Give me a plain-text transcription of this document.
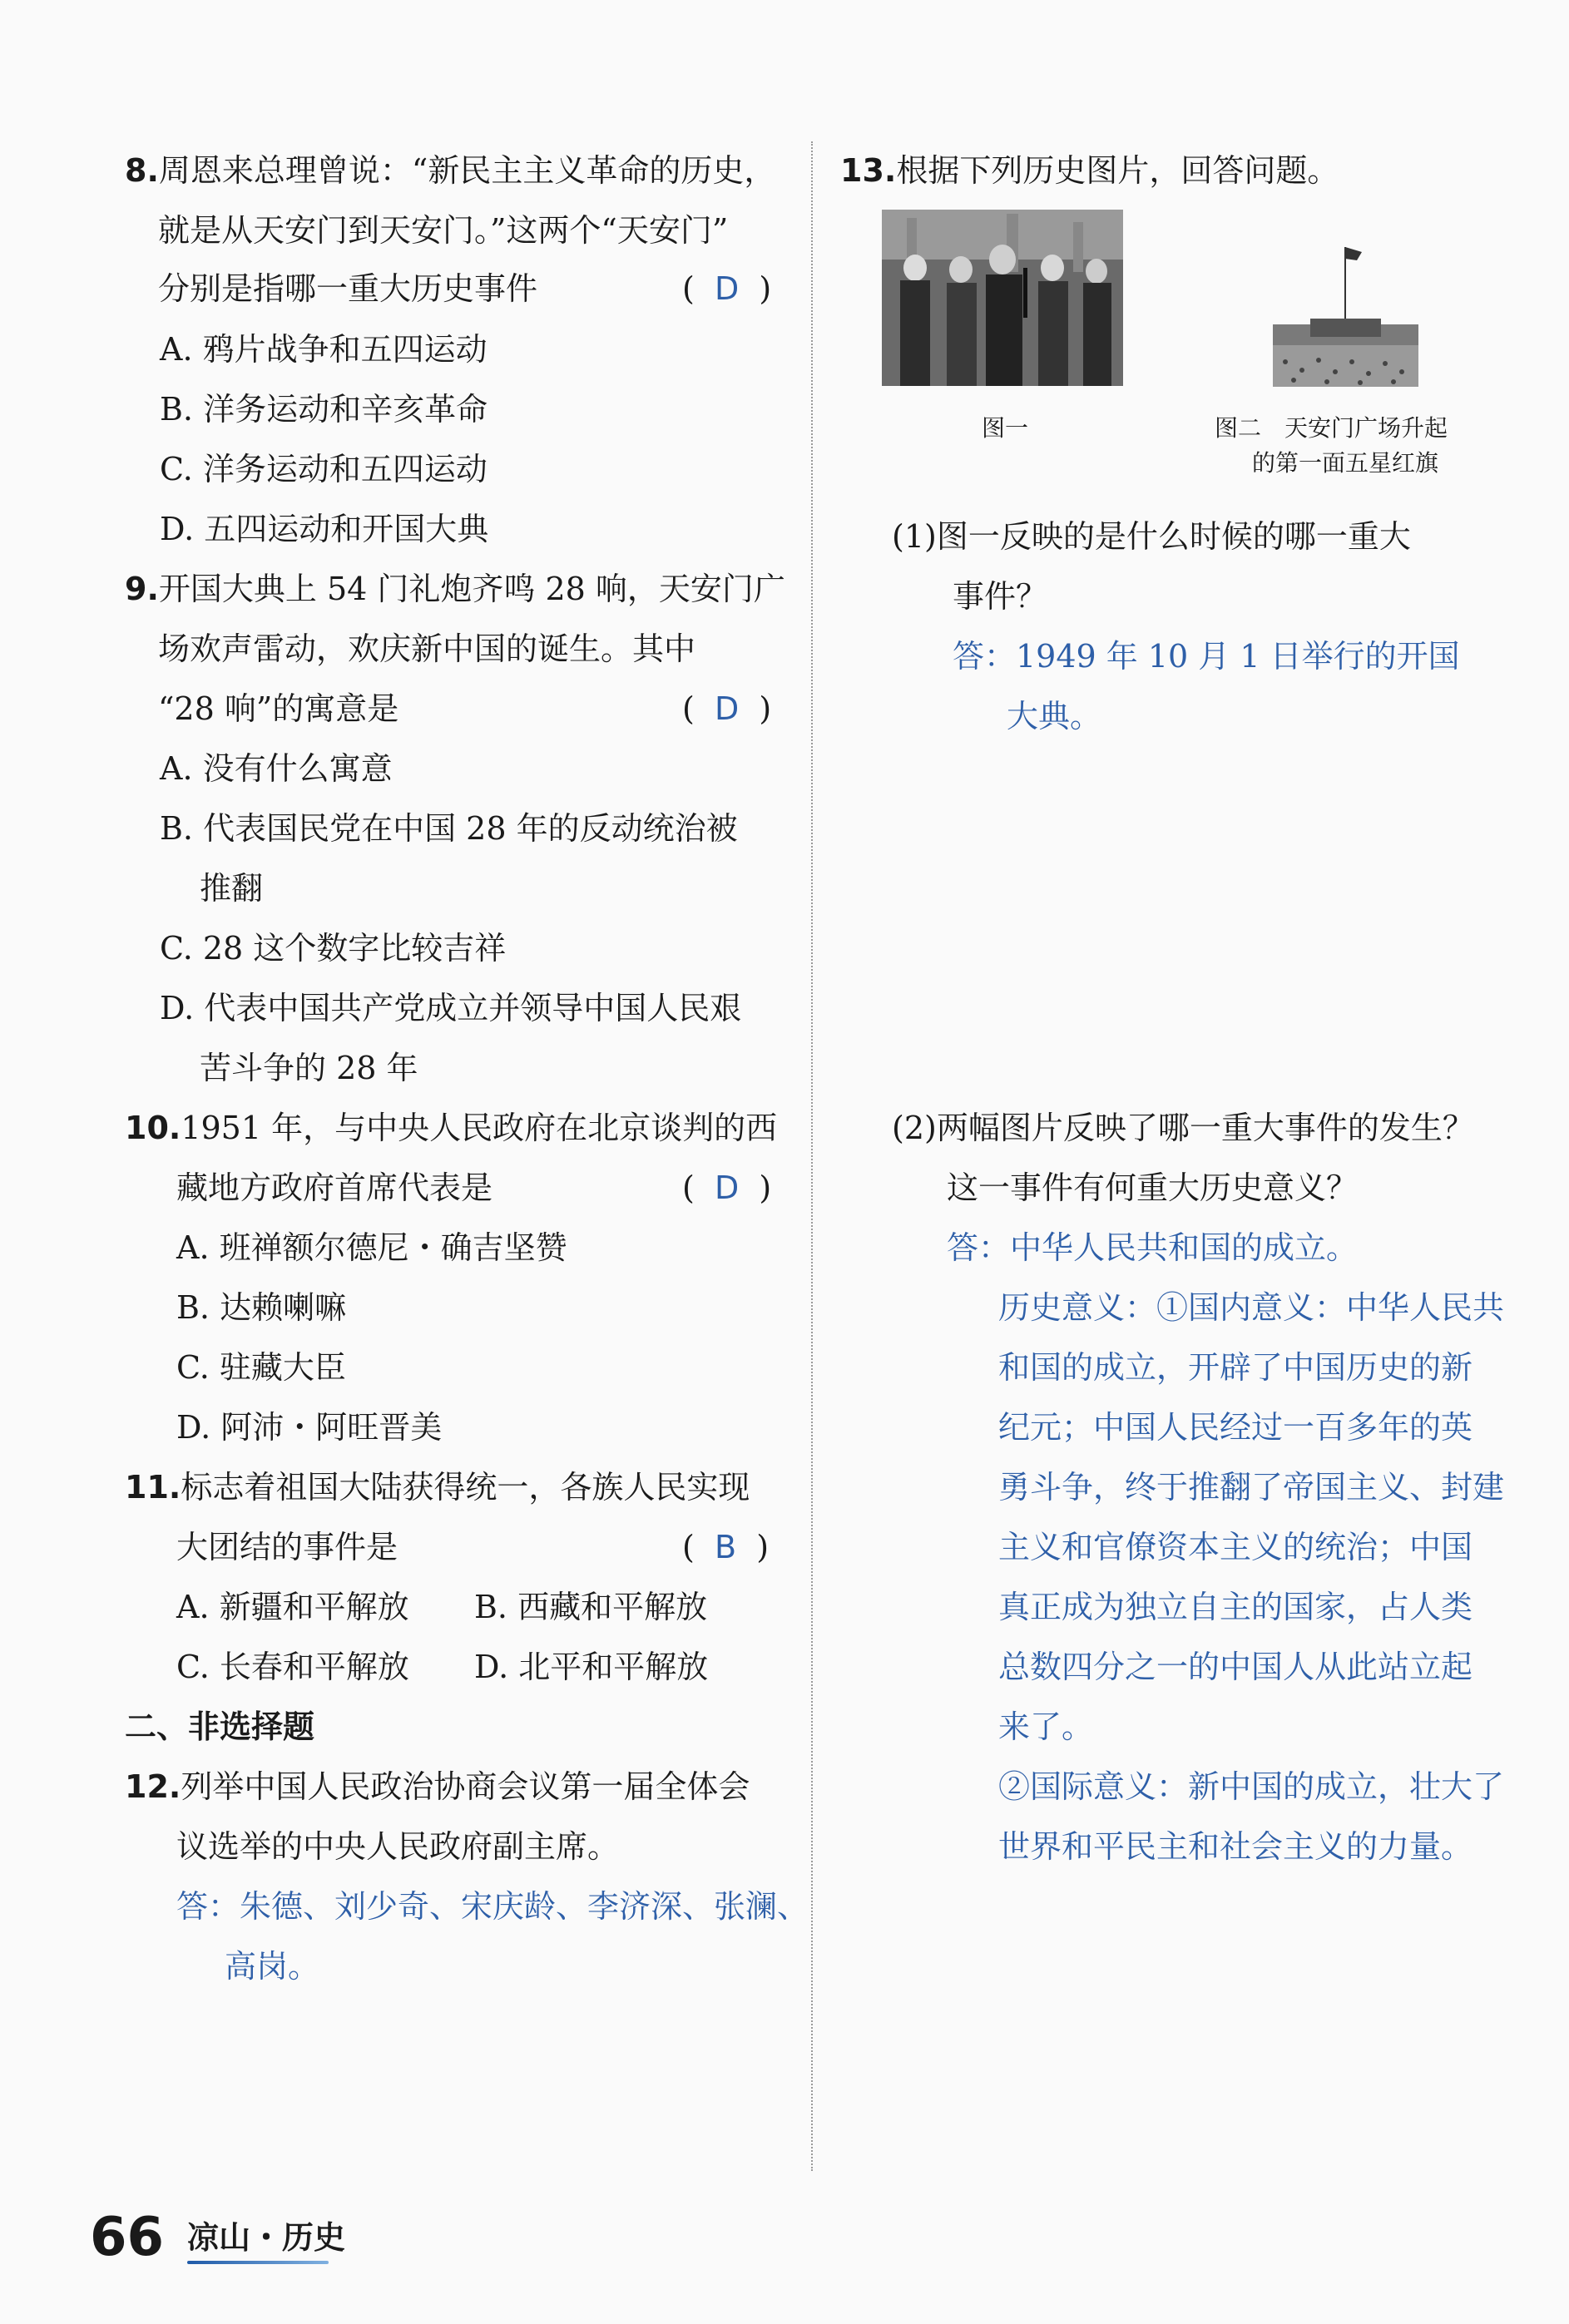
8.周恩来总理曾说：“新民主主义革命的历史，
就是从天安门到天安门。”这两个“天安门”
分别是指哪一重大历史事件	(  D  )
A. 鸦片战争和五四运动
B. 洋务运动和辛亥革命
C. 洋务运动和五四运动
D. 五四运动和开国大典
9.开国大典上 54 门礼炮齐鸣 28 响，天安门广
场欢声雷动，欢庆新中国的诞生。其中
“28 响”的寓意是	(  D  )
A. 没有什么寓意
B. 代表国民党在中国 28 年的反动统治被
推翻
C. 28 这个数字比较吉祥
D. 代表中国共产党成立并领导中国人民艰
苦斗争的 28 年
10.1951 年，与中央人民政府在北京谈判的西
藏地方政府首席代表是	(  D  )
A. 班禅额尔德尼・确吉坚赞
B. 达赖喇嘛
C. 驻藏大臣
D. 阿沛・阿旺晋美
11.标志着祖国大陆获得统一，各族人民实现
大团结的事件是	(  B  )
A. 新疆和平解放 B. 西藏和平解放
C. 长春和平解放 D. 北平和平解放
二、非选择题
12.列举中国人民政治协商会议第一届全体会
议选举的中央人民政府副主席。
答：朱德、刘少奇、宋庆龄、李济深、张澜、
高岗。
13.根据下列历史图片，回答问题。
图一	图二　天安门广场升起
的第一面五星红旗
(1)图一反映的是什么时候的哪一重大
事件？
答：1949 年 10 月 1 日举行的开国
大典。
(2)两幅图片反映了哪一重大事件的发生？
这一事件有何重大历史意义？
答：中华人民共和国的成立。
历史意义：①国内意义：中华人民共
和国的成立，开辟了中国历史的新
纪元；中国人民经过一百多年的英
勇斗争，终于推翻了帝国主义、封建
主义和官僚资本主义的统治；中国
真正成为独立自主的国家，占人类
总数四分之一的中国人从此站立起
来了。
②国际意义：新中国的成立，壮大了
世界和平民主和社会主义的力量。
66 凉山・历史
